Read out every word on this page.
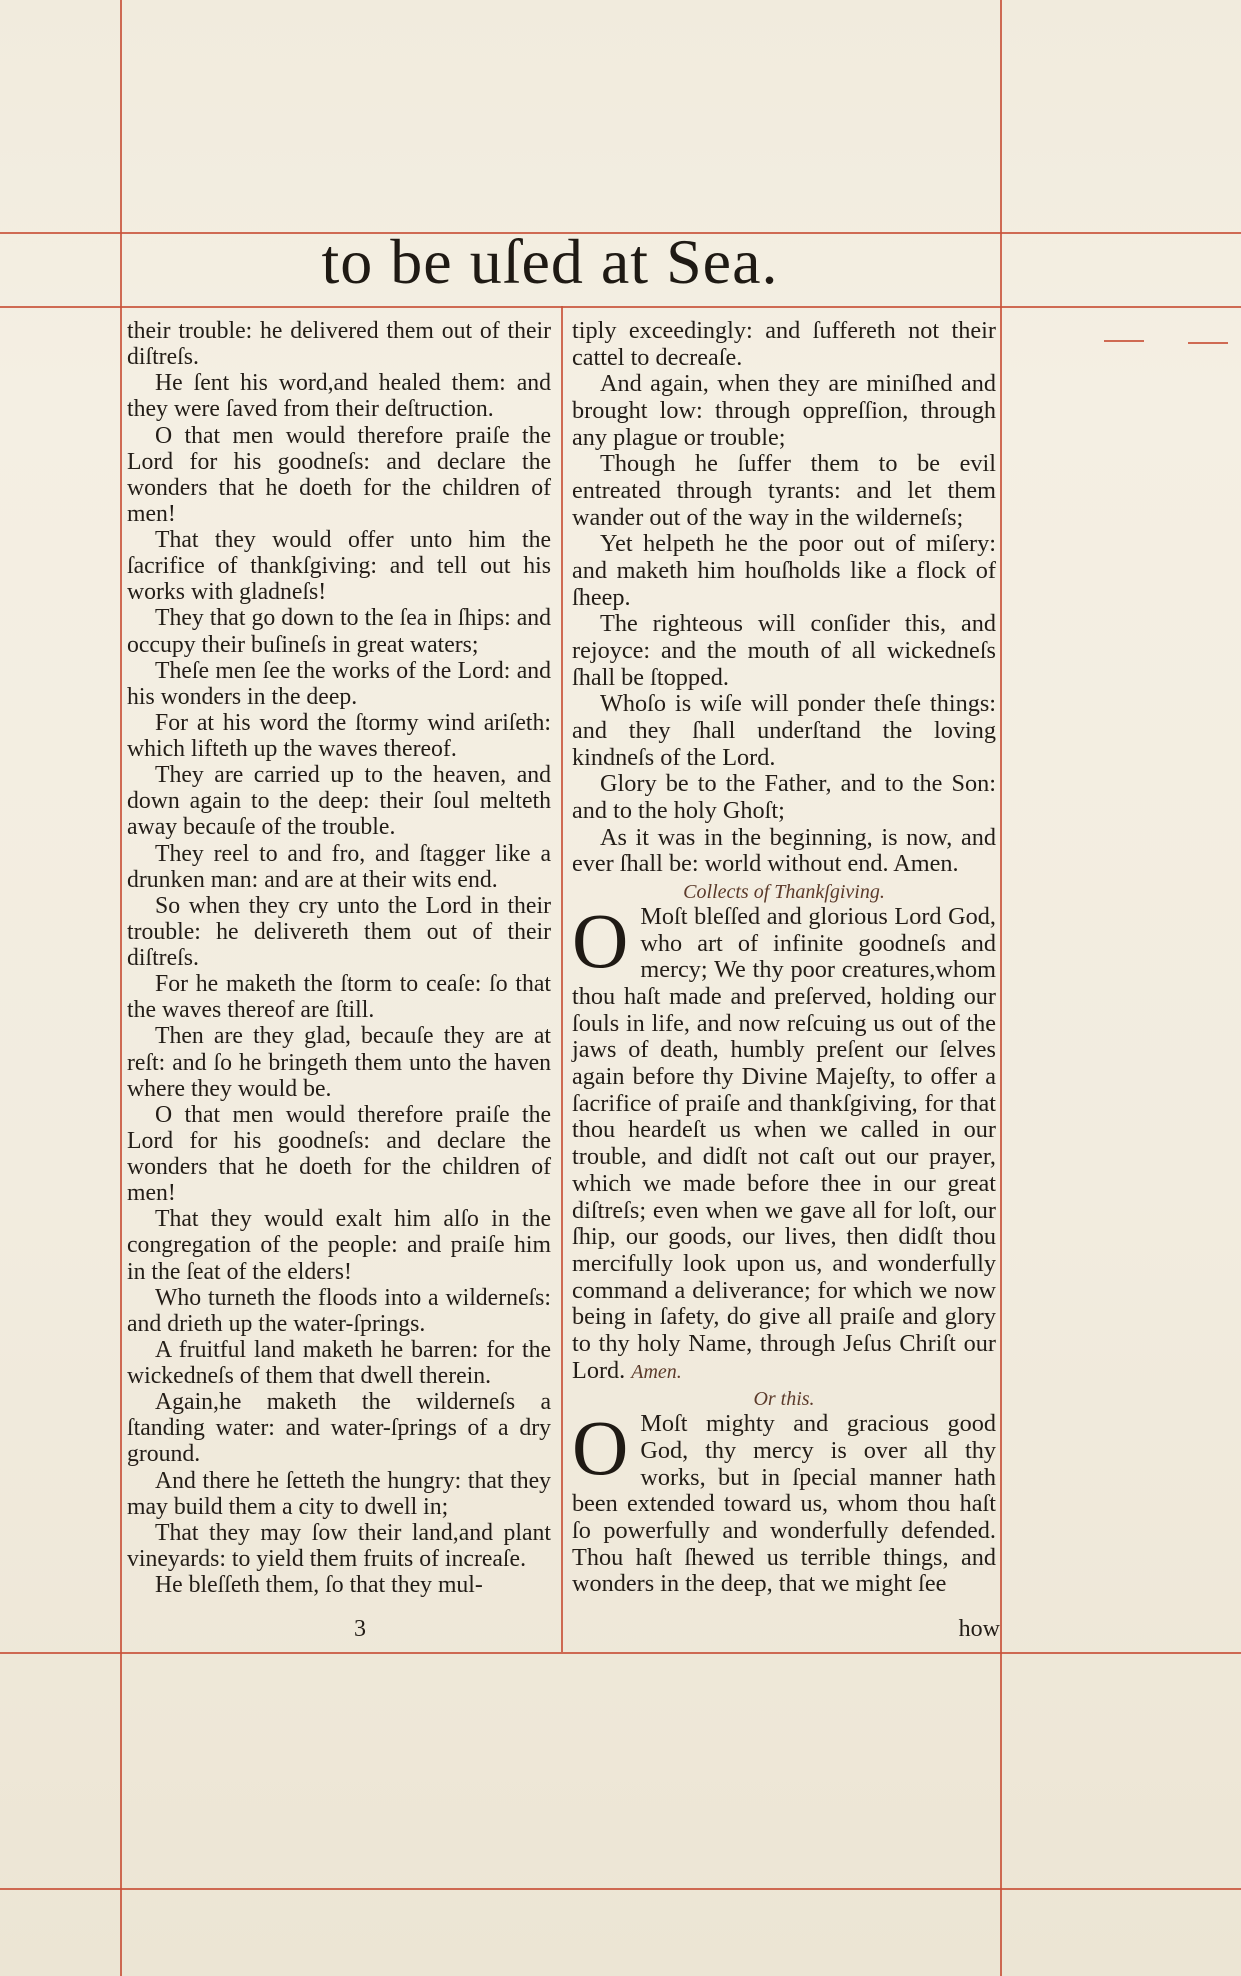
to be uſed at Sea.

their trouble: he delivered them out of their diſtreſs.

He ſent his word,and healed them: and they were ſaved from their deſtruction.

O that men would therefore praiſe the Lord for his goodneſs: and declare the wonders that he doeth for the children of men!

That they would offer unto him the ſacrifice of thankſgiving: and tell out his works with gladneſs!

They that go down to the ſea in ſhips: and occupy their buſineſs in great waters;

Theſe men ſee the works of the Lord: and his wonders in the deep.

For at his word the ſtormy wind ariſeth: which lifteth up the waves thereof.

They are carried up to the heaven, and down again to the deep: their ſoul melteth away becauſe of the trouble.

They reel to and fro, and ſtagger like a drunken man: and are at their wits end.

So when they cry unto the Lord in their trouble: he delivereth them out of their diſtreſs.

For he maketh the ſtorm to ceaſe: ſo that the waves thereof are ſtill.

Then are they glad, becauſe they are at reſt: and ſo he bringeth them unto the haven where they would be.

O that men would therefore praiſe the Lord for his goodneſs: and declare the wonders that he doeth for the children of men!

That they would exalt him alſo in the congregation of the people: and praiſe him in the ſeat of the elders!

Who turneth the floods into a wilderneſs: and drieth up the water-ſprings.

A fruitful land maketh he barren: for the wickedneſs of them that dwell therein.

Again,he maketh the wilderneſs a ſtanding water: and water-ſprings of a dry ground.

And there he ſetteth the hungry: that they may build them a city to dwell in;

That they may ſow their land,and plant vineyards: to yield them fruits of increaſe.

He bleſſeth them, ſo that they mul-

tiply exceedingly: and ſuffereth not their cattel to decreaſe.

And again, when they are miniſhed and brought low: through oppreſſion, through any plague or trouble;

Though he ſuffer them to be evil entreated through tyrants: and let them wander out of the way in the wilderneſs;

Yet helpeth he the poor out of miſery: and maketh him houſholds like a flock of ſheep.

The righteous will conſider this, and rejoyce: and the mouth of all wickedneſs ſhall be ſtopped.

Whoſo is wiſe will ponder theſe things: and they ſhall underſtand the loving kindneſs of the Lord.

Glory be to the Father, and to the Son: and to the holy Ghoſt;

As it was in the beginning, is now, and ever ſhall be: world without end. Amen.

Collects of Thankſgiving.

O Moſt bleſſed and glorious Lord God, who art of infinite goodneſs and mercy; We thy poor creatures,whom thou haſt made and preſerved, holding our ſouls in life, and now reſcuing us out of the jaws of death, humbly preſent our ſelves again before thy Divine Majeſty, to offer a ſacrifice of praiſe and thankſgiving, for that thou heardeſt us when we called in our trouble, and didſt not caſt out our prayer, which we made before thee in our great diſtreſs; even when we gave all for loſt, our ſhip, our goods, our lives, then didſt thou mercifully look upon us, and wonderfully command a deliverance; for which we now being in ſafety, do give all praiſe and glory to thy holy Name, through Jeſus Chriſt our Lord. Amen.

Or this.

O Moſt mighty and gracious good God, thy mercy is over all thy works, but in ſpecial manner hath been extended toward us, whom thou haſt ſo powerfully and wonderfully defended. Thou haſt ſhewed us terrible things, and wonders in the deep, that we might ſee

3	how
